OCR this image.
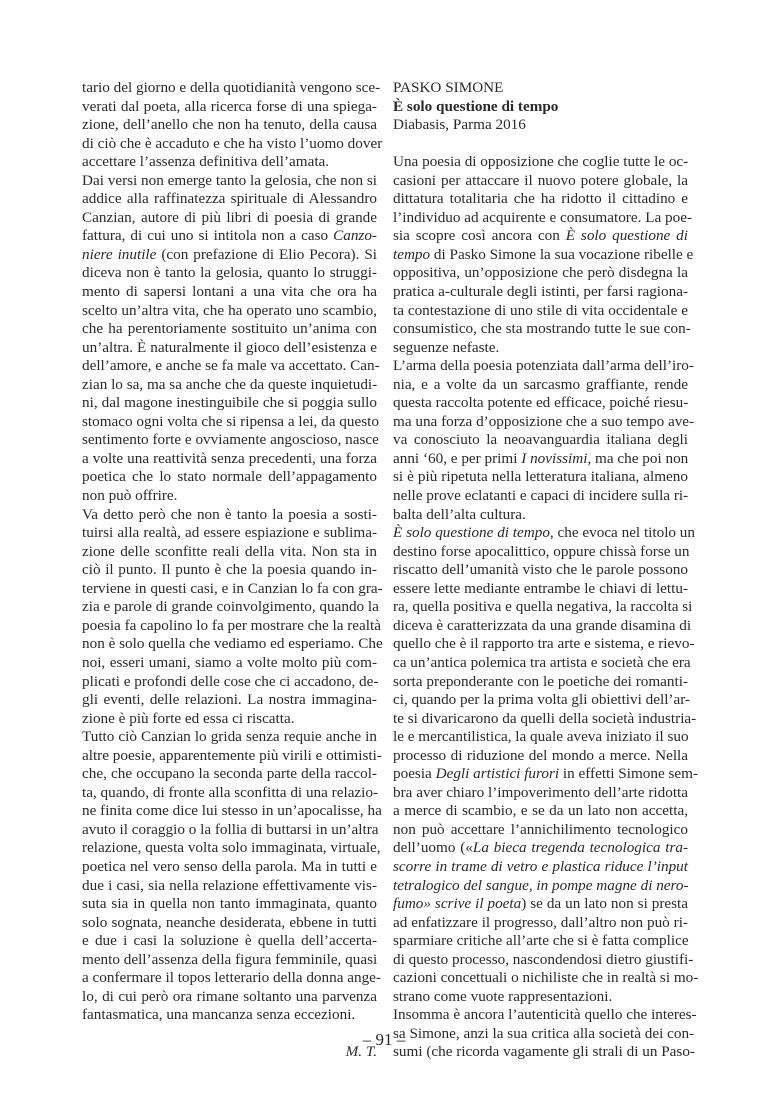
tario del giorno e della quotidianità vengono sce-
verati dal poeta, alla ricerca forse di una spiega-
zione, dell’anello che non ha tenuto, della causa
di ciò che è accaduto e che ha visto l’uomo dover
accettare l’assenza definitiva dell’amata.
Dai versi non emerge tanto la gelosia, che non si
addice alla raffinatezza spirituale di Alessandro
Canzian, autore di più libri di poesia di grande
fattura, di cui uno si intitola non a caso Canzo-
niere inutile (con prefazione di Elio Pecora). Si
diceva non è tanto la gelosia, quanto lo struggi-
mento di sapersi lontani a una vita che ora ha
scelto un’altra vita, che ha operato uno scambio,
che ha perentoriamente sostituito un’anima con
un’altra. È naturalmente il gioco dell’esistenza e
dell’amore, e anche se fa male va accettato. Can-
zian lo sa, ma sa anche che da queste inquietudi-
ni, dal magone inestinguibile che si poggia sullo
stomaco ogni volta che si ripensa a lei, da questo
sentimento forte e ovviamente angoscioso, nasce
a volte una reattività senza precedenti, una forza
poetica che lo stato normale dell’appagamento
non può offrire.
Va detto però che non è tanto la poesia a sosti-
tuirsi alla realtà, ad essere espiazione e sublima-
zione delle sconfitte reali della vita. Non sta in
ciò il punto. Il punto è che la poesia quando in-
terviene in questi casi, e in Canzian lo fa con gra-
zia e parole di grande coinvolgimento, quando la
poesia fa capolino lo fa per mostrare che la realtà
non è solo quella che vediamo ed esperiamo. Che
noi, esseri umani, siamo a volte molto più com-
plicati e profondi delle cose che ci accadono, de-
gli eventi, delle relazioni. La nostra immagina-
zione è più forte ed essa ci riscatta.
Tutto ciò Canzian lo grida senza requie anche in
altre poesie, apparentemente più virili e ottimisti-
che, che occupano la seconda parte della raccol-
ta, quando, di fronte alla sconfitta di una relazio-
ne finita come dice lui stesso in un’apocalisse, ha
avuto il coraggio o la follia di buttarsi in un’altra
relazione, questa volta solo immaginata, virtuale,
poetica nel vero senso della parola. Ma in tutti e
due i casi, sia nella relazione effettivamente vis-
suta sia in quella non tanto immaginata, quanto
solo sognata, neanche desiderata, ebbene in tutti
e due i casi la soluzione è quella dell’accerta-
mento dell’assenza della figura femminile, quasi
a confermare il topos letterario della donna ange-
lo, di cui però ora rimane soltanto una parvenza
fantasmatica, una mancanza senza eccezioni.
M. T.
PASKO SIMONE
È solo questione di tempo
Diabasis, Parma 2016
Una poesia di opposizione che coglie tutte le oc-
casioni per attaccare il nuovo potere globale, la
dittatura totalitaria che ha ridotto il cittadino e
l’individuo ad acquirente e consumatore. La poe-
sia scopre così ancora con È solo questione di
tempo di Pasko Simone la sua vocazione ribelle e
oppositiva, un’opposizione che però disdegna la
pratica a-culturale degli istinti, per farsi ragiona-
ta contestazione di uno stile di vita occidentale e
consumistico, che sta mostrando tutte le sue con-
seguenze nefaste.
L’arma della poesia potenziata dall’arma dell’iro-
nia, e a volte da un sarcasmo graffiante, rende
questa raccolta potente ed efficace, poiché riesu-
ma una forza d’opposizione che a suo tempo ave-
va conosciuto la neoavanguardia italiana degli
anni ‘60, e per primi I novissimi, ma che poi non
si è più ripetuta nella letteratura italiana, almeno
nelle prove eclatanti e capaci di incidere sulla ri-
balta dell’alta cultura.
È solo questione di tempo, che evoca nel titolo un
destino forse apocalittico, oppure chissà forse un
riscatto dell’umanità visto che le parole possono
essere lette mediante entrambe le chiavi di lettu-
ra, quella positiva e quella negativa, la raccolta si
diceva è caratterizzata da una grande disamina di
quello che è il rapporto tra arte e sistema, e rievo-
ca un’antica polemica tra artista e società che era
sorta preponderante con le poetiche dei romanti-
ci, quando per la prima volta gli obiettivi dell’ar-
te si divaricarono da quelli della società industria-
le e mercantilistica, la quale aveva iniziato il suo
processo di riduzione del mondo a merce. Nella
poesia Degli artistici furori in effetti Simone sem-
bra aver chiaro l’impoverimento dell’arte ridotta
a merce di scambio, e se da un lato non accetta,
non può accettare l’annichilimento tecnologico
dell’uomo («La bieca tregenda tecnologica tra-
scorre in trame di vetro e plastica riduce l’input
tetralogico del sangue, in pompe magne di nero-
fumo» scrive il poeta) se da un lato non si presta
ad enfatizzare il progresso, dall’altro non può ri-
sparmiare critiche all’arte che si è fatta complice
di questo processo, nascondendosi dietro giustifi-
cazioni concettuali o nichiliste che in realtà si mo-
strano come vuote rappresentazioni.
Insomma è ancora l’autenticità quello che interes-
sa Simone, anzi la sua critica alla società dei con-
sumi (che ricorda vagamente gli strali di un Paso-
– 91 –
